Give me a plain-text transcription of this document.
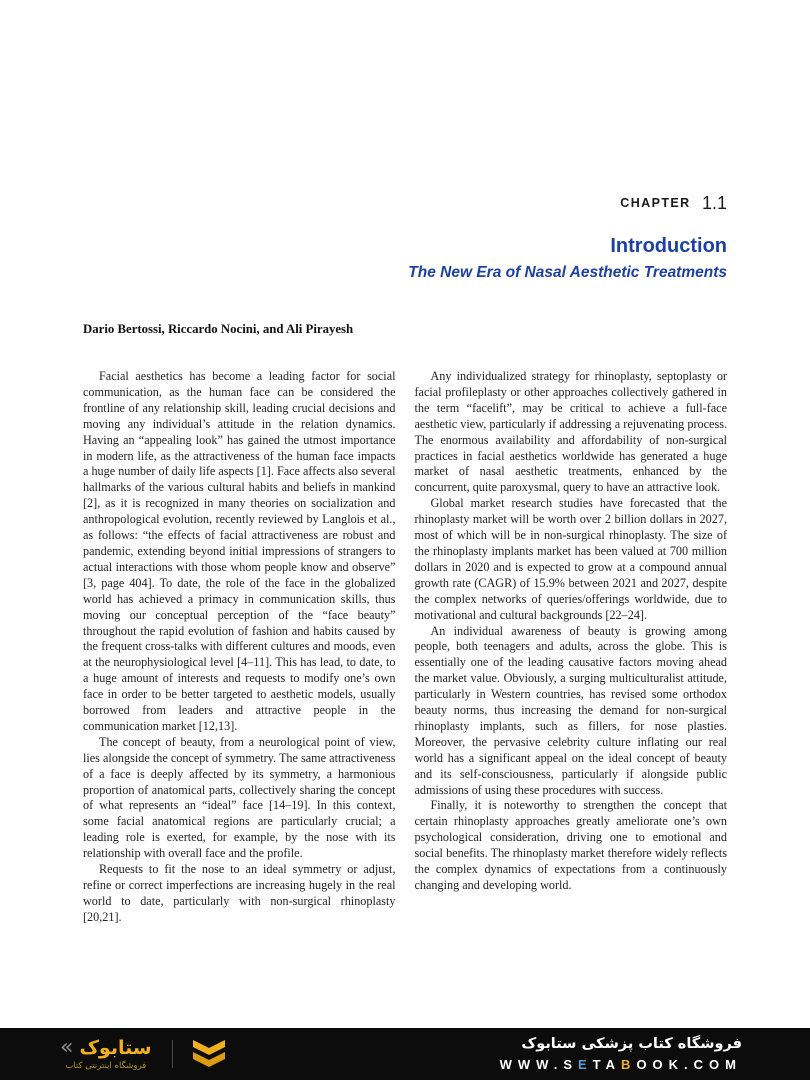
CHAPTER 1.1
Introduction
The New Era of Nasal Aesthetic Treatments
Dario Bertossi, Riccardo Nocini, and Ali Pirayesh

Facial aesthetics has become a leading factor for social communication, as the human face can be considered the frontline of any relationship skill, leading crucial decisions and moving any individual’s attitude in the relation dynamics. Having an “appealing look” has gained the utmost importance in modern life, as the attractiveness of the human face impacts a huge number of daily life aspects [1]. Face affects also several hallmarks of the various cultural habits and beliefs in mankind [2], as it is recognized in many theories on socialization and anthropological evolution, recently reviewed by Langlois et al., as follows: “the effects of facial attractiveness are robust and pandemic, extending beyond initial impressions of strangers to actual interactions with those whom people know and observe” [3, page 404]. To date, the role of the face in the globalized world has achieved a primacy in communication skills, thus moving our conceptual perception of the “face beauty” throughout the rapid evolution of fashion and habits caused by the frequent cross-talks with different cultures and moods, even at the neurophysiological level [4–11]. This has lead, to date, to a huge amount of interests and requests to modify one’s own face in order to be better targeted to aesthetic models, usually borrowed from leaders and attractive people in the communication market [12,13].

The concept of beauty, from a neurological point of view, lies alongside the concept of symmetry. The same attractiveness of a face is deeply affected by its symmetry, a harmonious proportion of anatomical parts, collectively sharing the concept of what represents an “ideal” face [14–19]. In this context, some facial anatomical regions are particularly crucial; a leading role is exerted, for example, by the nose with its relationship with overall face and the profile.

Requests to fit the nose to an ideal symmetry or adjust, refine or correct imperfections are increasing hugely in the real world to date, particularly with non-surgical rhinoplasty [20,21].

Any individualized strategy for rhinoplasty, septoplasty or facial profileplasty or other approaches collectively gathered in the term “facelift”, may be critical to achieve a full-face aesthetic view, particularly if addressing a rejuvenating process. The enormous availability and affordability of non-surgical practices in facial aesthetics worldwide has generated a huge market of nasal aesthetic treatments, enhanced by the concurrent, quite paroxysmal, query to have an attractive look.

Global market research studies have forecasted that the rhinoplasty market will be worth over 2 billion dollars in 2027, most of which will be in non-surgical rhinoplasty. The size of the rhinoplasty implants market has been valued at 700 million dollars in 2020 and is expected to grow at a compound annual growth rate (CAGR) of 15.9% between 2021 and 2027, despite the complex networks of queries/offerings worldwide, due to motivational and cultural backgrounds [22–24].

An individual awareness of beauty is growing among people, both teenagers and adults, across the globe. This is essentially one of the leading causative factors moving ahead the market value. Obviously, a surging multiculturalist attitude, particularly in Western countries, has revised some orthodox beauty norms, thus increasing the demand for non-surgical rhinoplasty implants, such as fillers, for nose plasties. Moreover, the pervasive celebrity culture inflating our real world has a significant appeal on the ideal concept of beauty and its self-consciousness, particularly if alongside public admissions of using these procedures with success.

Finally, it is noteworthy to strengthen the concept that certain rhinoplasty approaches greatly ameliorate one’s own psychological consideration, driving one to emotional and social benefits. The rhinoplasty market therefore widely reflects the complex dynamics of expectations from a continuously changing and developing world.

« ستابوک
فروشگاه اینترنتی کتاب
فروشگاه کتاب پزشکی ستابوک
WWW.SETABOOK.COM
